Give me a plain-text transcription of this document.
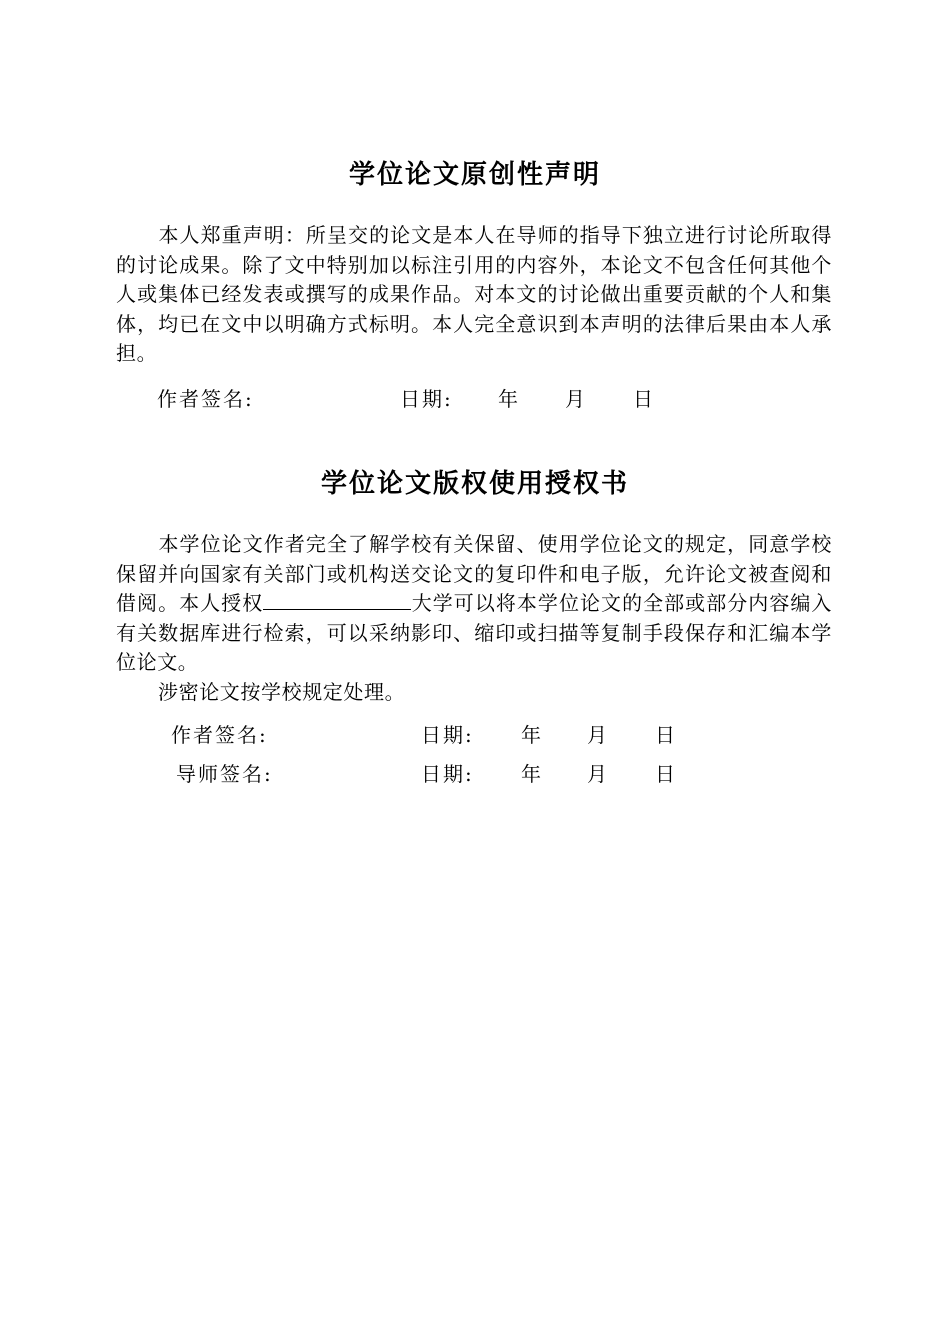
学位论文原创性声明
本人郑重声明：所呈交的论文是本人在导师的指导下独立进行讨论所取得的讨论成果。除了文中特别加以标注引用的内容外，本论文不包含任何其他个人或集体已经发表或撰写的成果作品。对本文的讨论做出重要贡献的个人和集体，均已在文中以明确方式标明。本人完全意识到本声明的法律后果由本人承担。
作者签名:	日期: 年 月 日
学位论文版权使用授权书
本学位论文作者完全了解学校有关保留、使用学位论文的规定，同意学校保留并向国家有关部门或机构送交论文的复印件和电子版，允许论文被查阅和借阅。本人授权	大学可以将本学位论文的全部或部分内容编入有关数据库进行检索，可以采纳影印、缩印或扫描等复制手段保存和汇编本学位论文。
涉密论文按学校规定处理。
作者签名:	日期: 年 月 日
导师签名:	日期: 年 月 日
